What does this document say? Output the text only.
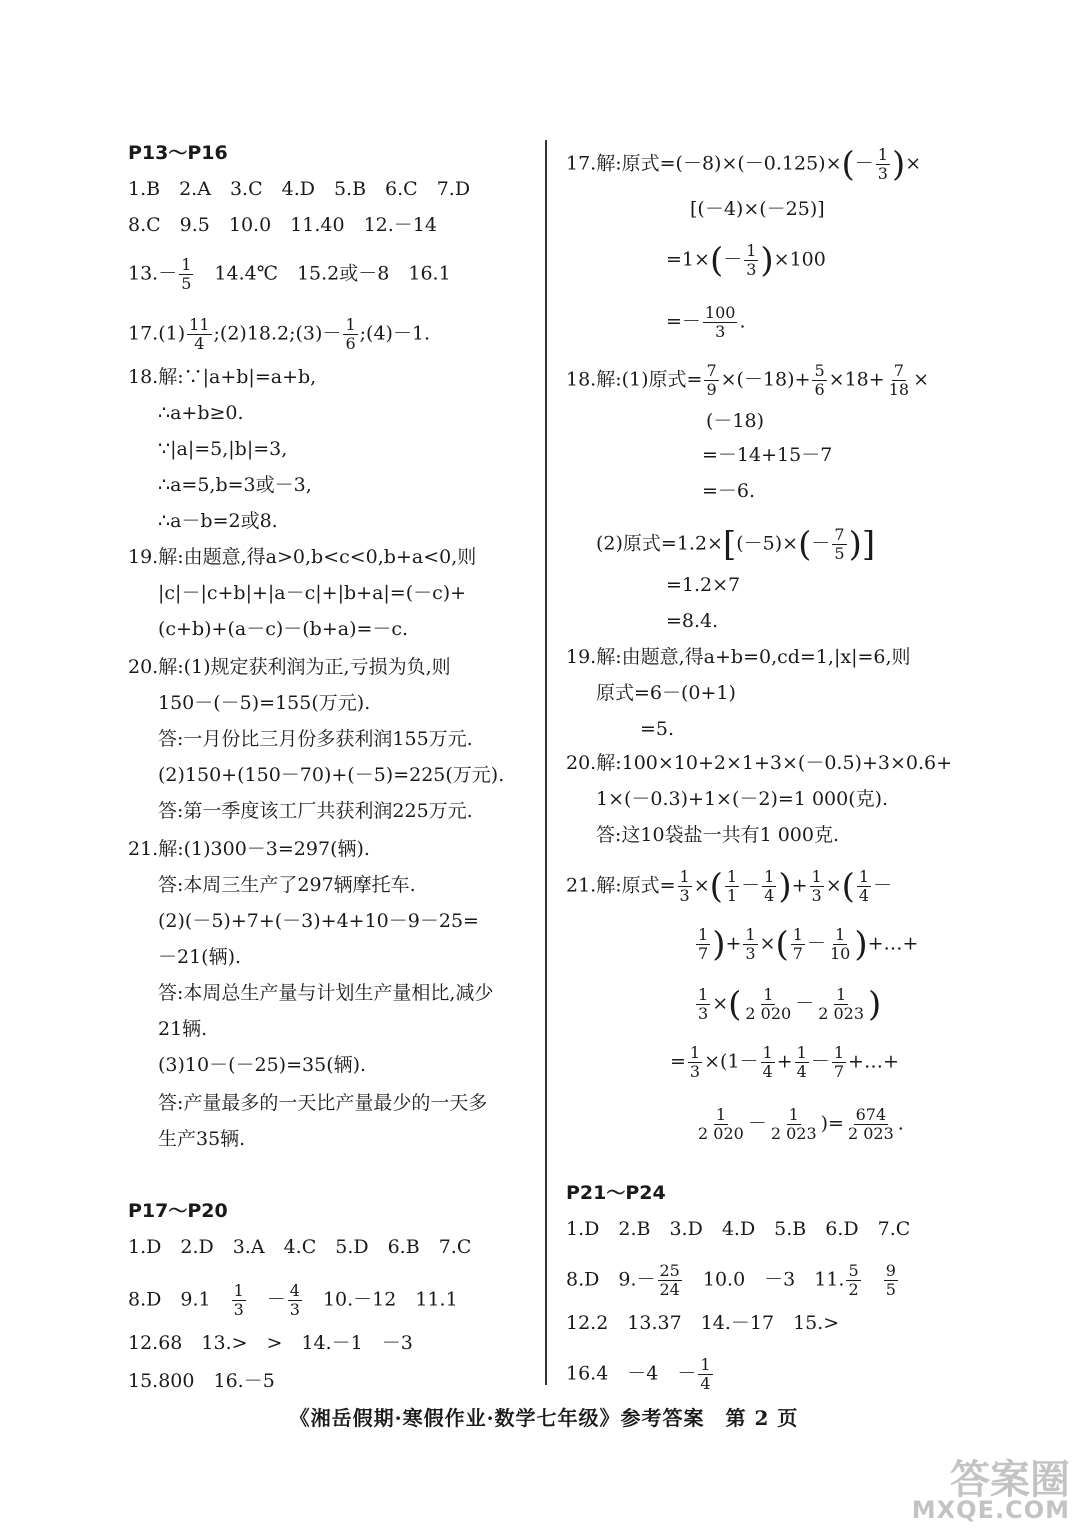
P13～P16
1.B　2.A　3.C　4.D　5.B　6.C　7.D
8.C　9.5　10.0　11.40　12.－14
$13.- \frac{1}{5}$ 　14.4℃　15.2或－8　16.1
$17.(1) \frac{11}{4}$ ;(2)18.2;(3)－ $\frac{1}{6}$ ;(4)－1.
18.解:∵|a+b|=a+b,
∴a+b≥0.
∵|a|=5,|b|=3,
∴a=5,b=3或－3,
∴a－b=2或8.
19.解:由题意,得a>0,b<c<0,b+a<0,则
|c|－|c+b|+|a－c|+|b+a|=(－c)+
(c+b)+(a－c)－(b+a)=－c.
20.解:(1)规定获利润为正,亏损为负,则
150－(－5)=155(万元).
答:一月份比三月份多获利润155万元.
(2)150+(150－70)+(－5)=225(万元).
答:第一季度该工厂共获利润225万元.
21.解:(1)300－3=297(辆).
答:本周三生产了297辆摩托车.
(2)(－5)+7+(－3)+4+10－9－25=
－21(辆).
答:本周总生产量与计划生产量相比,减少
21辆.
(3)10－(－25)=35(辆).
答:产量最多的一天比产量最少的一天多
生产35辆.
P17～P20
1.D　2.D　3.A　4.C　5.D　6.B　7.C
8.D　9.1　 $\frac{1}{3}$ 　－ $\frac{4}{3}$ 　10.－12　11.1
12.68　13.>　>　14.－1　－3
15.800　16.－5
17.解:原式$=(-8)\times(-0.125)\times(- \frac{1}{3}$ )×
[(－4)×(－25)]
$=1\times(- \frac{1}{3} )\times 100$
=－ $\frac{100}{3}$ .
18.解:(1)原式= $\frac{7}{9} \times(-18)+ \frac{5}{6} \times 18+ \frac{7}{18}$ ×
(－18)
=－14+15－7
=－6.
(2)原式$=1.2\times[(-5)\times(- \frac{7}{5}$ )]
=1.2×7
=8.4.
19.解:由题意,得a+b=0,cd=1,|x|=6,则
原式=6－(0+1)
=5.
20.解:100×10+2×1+3×(－0.5)+3×0.6+
1×(－0.3)+1×(－2)=1 000(克).
答:这10袋盐一共有1 000克.
21.解:原式= $\frac{1}{3}$ ×( $\frac{1}{1} - \frac{1}{4}$ )+ $\frac{1}{3}$ ×( $\frac{1}{4}$ －
$\frac{1}{7}$ )+ $\frac{1}{3}$ ×( $\frac{1}{7} - \frac{1}{10}$ )+…+
$\frac{1}{3}$ ×( $\frac{1}{2 020} - \frac{1}{2 023}$ )
= $\frac{1}{3} \times(1- \frac{1}{4} + \frac{1}{4} - \frac{1}{7}$ +…+
$\frac{1}{2 020} - \frac{1}{2 023}$ )= $\frac{674}{2 023}$ .
P21～P24
1.D　2.B　3.D　4.D　5.B　6.D　7.C
8.D　$9.- \frac{25}{24}$ 　10.0　－3　11. $\frac{5}{2}$
　 $\frac{9}{5}$
12.2　13.37　14.－17　15.>
16.4　－4　－ $\frac{1}{4}$
《湘岳假期·寒假作业·数学七年级》参考答案　第 2 页
答案圈
MXQE.COM
